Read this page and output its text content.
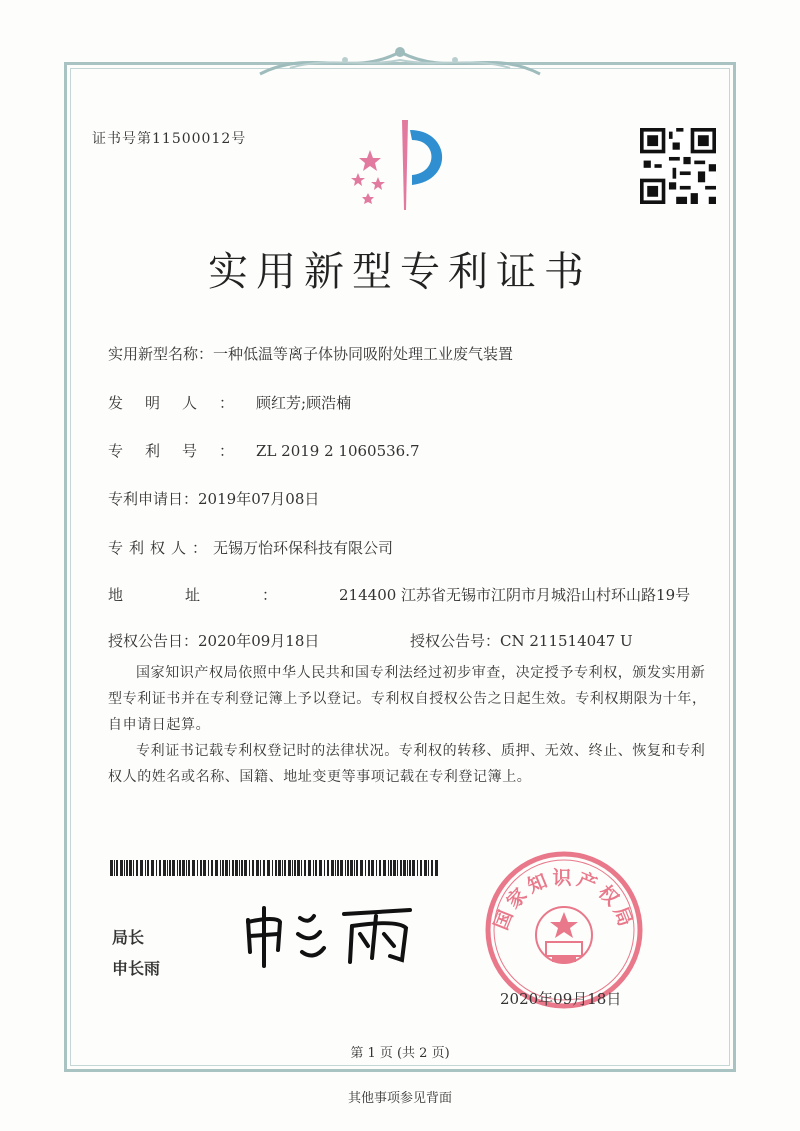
证书号第11500012号
实用新型专利证书
实用新型名称：一种低温等离子体协同吸附处理工业废气装置
发明人：顾红芳;顾浩楠
专利号：ZL 2019 2 1060536.7
专利申请日：2019年07月08日
专利权人：无锡万怡环保科技有限公司
地址：214400 江苏省无锡市江阴市月城沿山村环山路19号
授权公告日：2020年09月18日	授权公告号：CN 211514047 U
国家知识产权局依照中华人民共和国专利法经过初步审查，决定授予专利权，颁发实用新型专利证书并在专利登记簿上予以登记。专利权自授权公告之日起生效。专利权期限为十年，自申请日起算。
专利证书记载专利权登记时的法律状况。专利权的转移、质押、无效、终止、恢复和专利权人的姓名或名称、国籍、地址变更等事项记载在专利登记簿上。
局长
申长雨
国家知识产权局
2020年09月18日
第 1 页 (共 2 页)
其他事项参见背面
